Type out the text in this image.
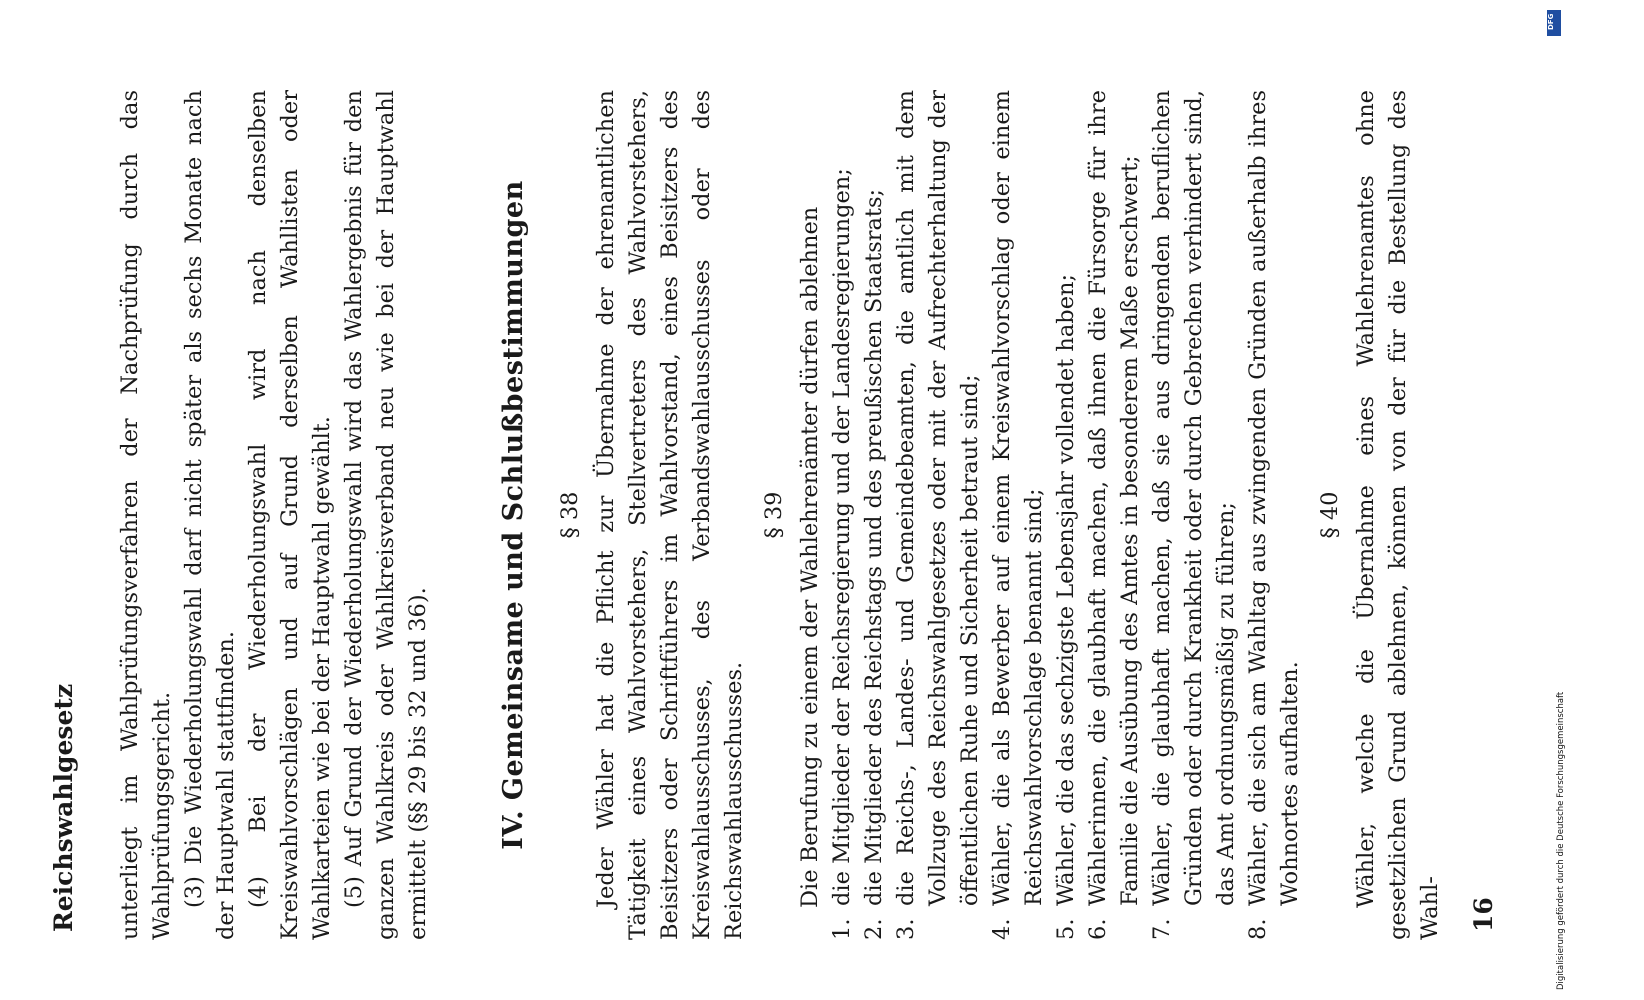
Reichswahlgesetz unterliegt im Wahlprüfungsverfahren der Nachprüfung durch das Wahlprüfungsgericht. (3) Die Wiederholungswahl darf nicht später als sechs Monate nach der Hauptwahl stattfinden. (4) Bei der Wiederholungswahl wird nach denselben Kreiswahlvorschlägen und auf Grund derselben Wahllisten oder Wahlkarteien wie bei der Hauptwahl gewählt. (5) Auf Grund der Wiederholungswahl wird das Wahlergebnis für den ganzen Wahlkreis oder Wahlkreisverband neu wie bei der Hauptwahl ermittelt (§§ 29 bis 32 und 36). IV. Gemeinsame und Schlußbestimmungen § 38 Jeder Wähler hat die Pflicht zur Übernahme der ehrenamtlichen Tätigkeit eines Wahlvorstehers, Stellvertreters des Wahlvorstehers, Beisitzers oder Schriftführers im Wahlvorstand, eines Beisitzers des Kreiswahlausschusses, des Verbandswahlausschusses oder des Reichswahlausschusses.

§ 39 Die Berufung zu einem der Wahlehrenämter dürfen ablehnen

1.
die Mitglieder der Reichsregierung und der Landesregierungen;
2.
die Mitglieder des Reichstags und des preußischen Staatsrats;
3.
die Reichs-, Landes- und Gemeindebeamten, die amtlich mit dem Vollzuge des Reichswahlgesetzes oder mit der Aufrechterhaltung der öffentlichen Ruhe und Sicherheit betraut sind;
4.
Wähler, die als Bewerber auf einem Kreiswahlvorschlag oder einem Reichswahlvorschlage benannt sind;
5.
Wähler, die das sechzigste Lebensjahr vollendet haben;
6.
Wählerinnen, die glaubhaft machen, daß ihnen die Fürsorge für ihre Familie die Ausübung des Amtes in besonderem Maße erschwert;
7.
Wähler, die glaubhaft machen, daß sie aus dringenden beruflichen Gründen oder durch Krankheit oder durch Gebrechen verhindert sind, das Amt ordnungsmäßig zu führen;
8.
Wähler, die sich am Wahltag aus zwingenden Gründen außerhalb ihres Wohnortes aufhalten.
§ 40 Wähler, welche die Übernahme eines Wahlehrenamtes ohne gesetzlichen Grund ablehnen, können von der für die Bestellung des Wahl- 16
DFG
Digitalisierung gefördert durch die Deutsche Forschungsgemeinschaft
